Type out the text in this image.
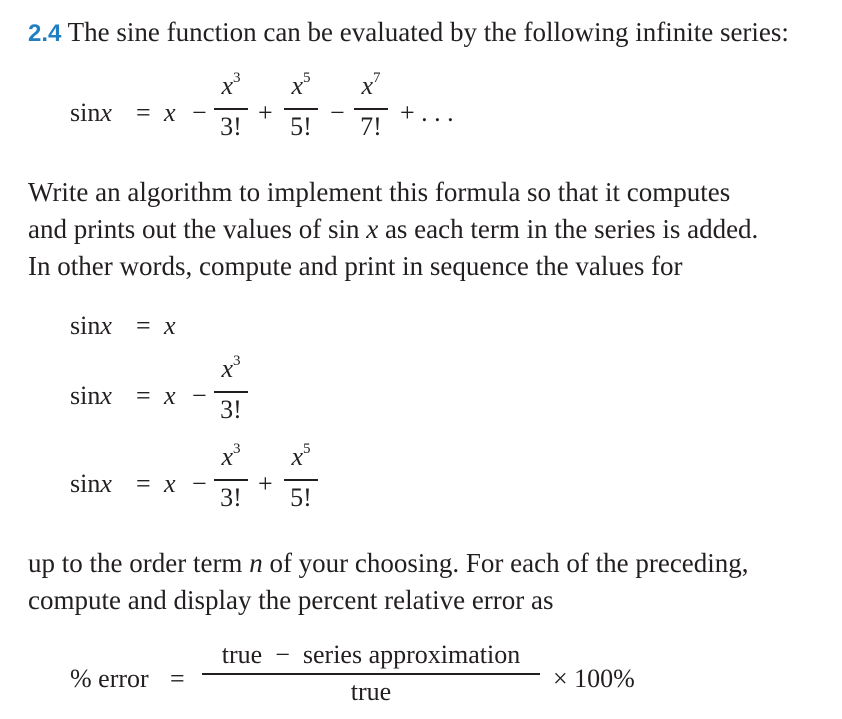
2.4 The sine function can be evaluated by the following infinite series:
sinx = x −
$x^3$
3! +
$x^5$
5! −
$x^7$
7! + . . .
Write an algorithm to implement this formula so that it computes
and prints out the values of sin x as each term in the series is added.
In other words, compute and print in sequence the values for
sinx = x
sinx = x −
$x^3$
3!
sinx = x −
$x^3$
3! +
$x^5$
5!
up to the order term n of your choosing. For each of the preceding,
compute and display the percent relative error as
% error =
true − series approximation
true	× 100%
